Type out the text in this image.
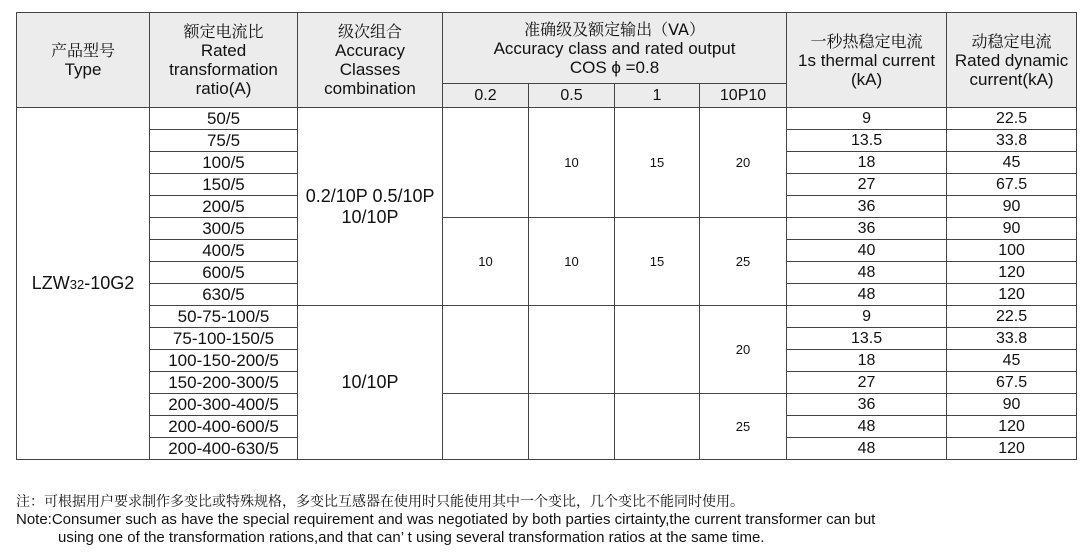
产品型号
Type	额定电流比
Rated
transformation
ratio(A)	级次组合
Accuracy
Classes
combination	准确级及额定输出（VA）
Accuracy class and rated output
COS ϕ =0.8				一秒热稳定电流
1s thermal current
(kA)	动稳定电流
Rated dynamic
current(kA)

			0.2	0.5	1	10P10		
LZW32-10G2	50/5	0.2/10P 0.5/10P 10/10P		10	15	20	9	22.5
	75/5						13.5	33.8
	100/5						18	45
	150/5						27	67.5
	200/5						36	90
	300/5		10	10	15	25	36	90
	400/5						40	100
	600/5						48	120
	630/5						48	120
	50-75-100/5	10/10P				20	9	22.5
	75-100-150/5						13.5	33.8
	100-150-200/5						18	45
	150-200-300/5						27	67.5
	200-300-400/5					25	36	90
	200-400-600/5						48	120
	200-400-630/5						48	120
注：可根据用户要求制作多变比或特殊规格，多变比互感器在使用时只能使用其中一个变比，几个变比不能同时使用。
Note:Consumer such as have the special requirement and was negotiated by both parties cirtainty,the current transformer can but
using one of the transformation rations,and that can’ t using several transformation ratios at the same time.
